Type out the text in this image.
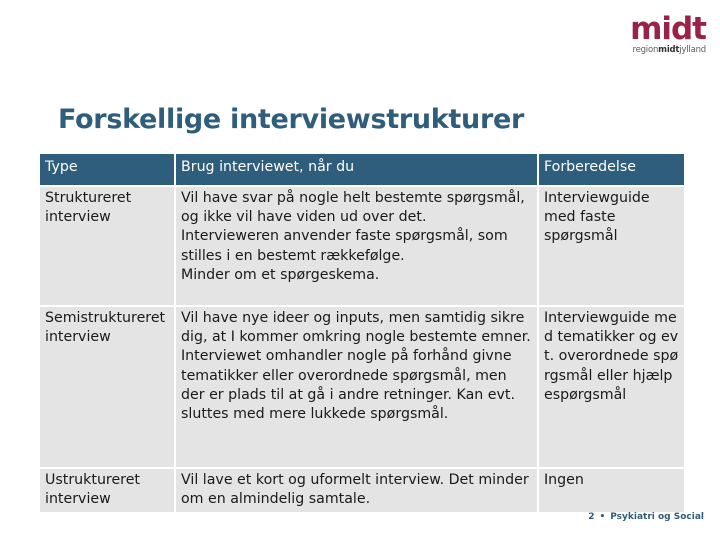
midt
regionmidtjylland
Forskellige interviewstrukturer
Type	Brug interviewet, når du	Forberedelse
Struktureret interview	Vil have svar på nogle helt bestemte spørgsmål, og ikke vil have viden ud over det.
Intervieweren anvender faste spørgsmål, som stilles i en bestemt rækkefølge.
Minder om et spørgeskema.	Interviewguide med faste spørgsmål
Semistruktureret interview	Vil have nye ideer og inputs, men samtidig sikre dig, at I kommer omkring nogle bestemte emner.
Interviewet omhandler nogle på forhånd givne tematikker eller overordnede spørgsmål, men der er plads til at gå i andre retninger. Kan evt. sluttes med mere lukkede spørgsmål.	Interviewguide med tematikker og evt. overordnede spørgsmål eller hjælpespørgsmål
Ustruktureret interview	Vil lave et kort og uformelt interview. Det minder om en almindelig samtale.	Ingen
2 • Psykiatri og Social
